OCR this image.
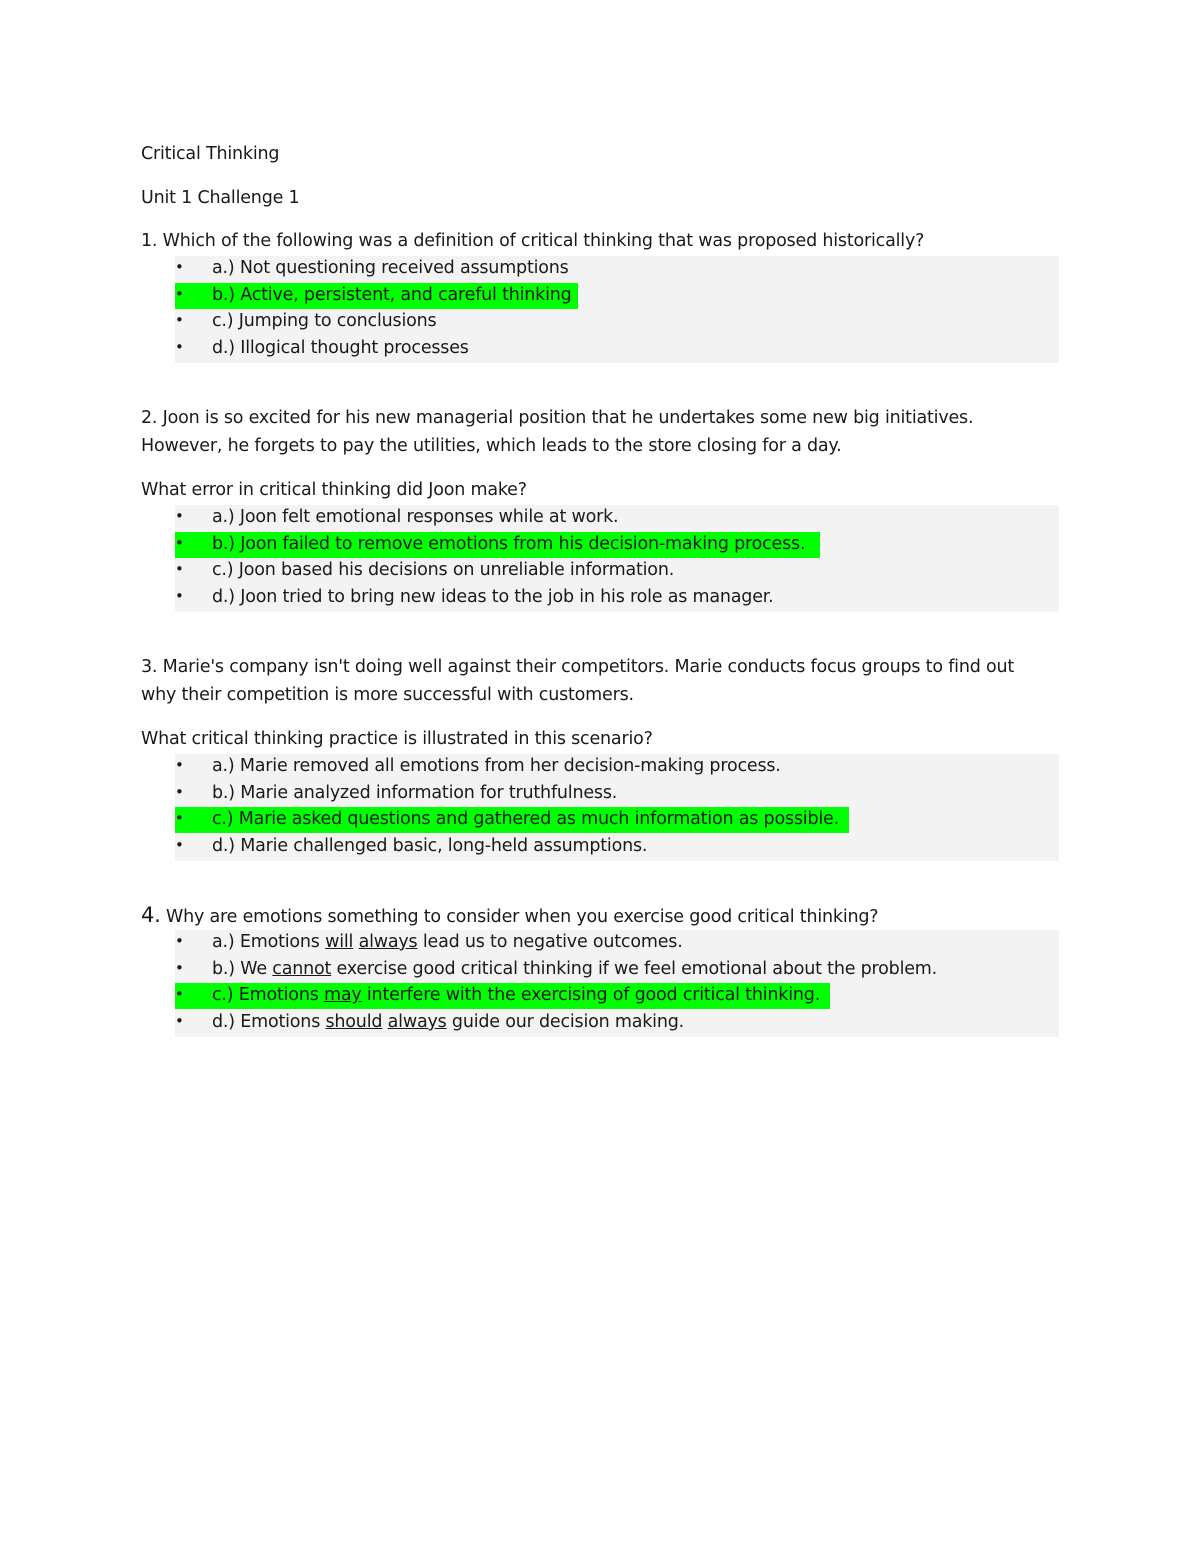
Critical Thinking
Unit 1 Challenge 1
1. Which of the following was a definition of critical thinking that was proposed historically?
•	a.) Not questioning received assumptions
•	b.) Active, persistent, and careful thinking
•	c.) Jumping to conclusions
•	d.) Illogical thought processes
2. Joon is so excited for his new managerial position that he undertakes some new big initiatives.
However, he forgets to pay the utilities, which leads to the store closing for a day.
What error in critical thinking did Joon make?
•	a.) Joon felt emotional responses while at work.
•	b.) Joon failed to remove emotions from his decision-making process.
•	c.) Joon based his decisions on unreliable information.
•	d.) Joon tried to bring new ideas to the job in his role as manager.
3. Marie's company isn't doing well against their competitors. Marie conducts focus groups to find out
why their competition is more successful with customers.
What critical thinking practice is illustrated in this scenario?
•	a.) Marie removed all emotions from her decision-making process.
•	b.) Marie analyzed information for truthfulness.
•	c.) Marie asked questions and gathered as much information as possible.
•	d.) Marie challenged basic, long-held assumptions.
4. Why are emotions something to consider when you exercise good critical thinking?
•	a.) Emotions will always lead us to negative outcomes.
•	b.) We cannot exercise good critical thinking if we feel emotional about the problem.
•	c.) Emotions may interfere with the exercising of good critical thinking.
•	d.) Emotions should always guide our decision making.
